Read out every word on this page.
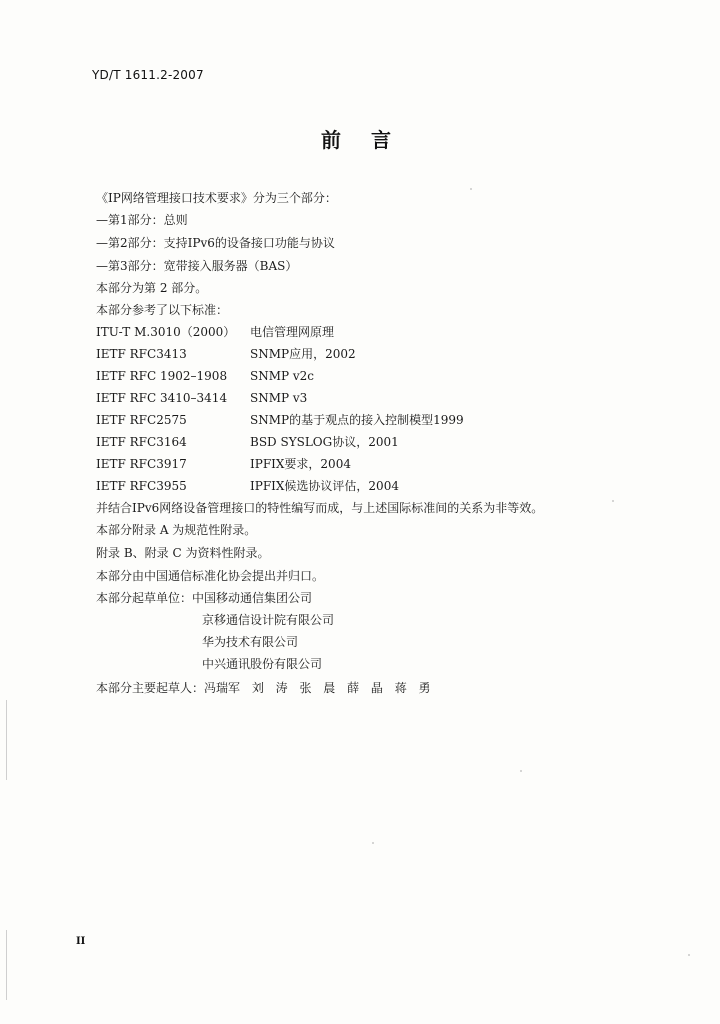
YD/T 1611.2-2007
前言
《IP网络管理接口技术要求》分为三个部分：
—第1部分：总则
—第2部分：支持IPv6的设备接口功能与协议
—第3部分：宽带接入服务器（BAS）
本部分为第 2 部分。
本部分参考了以下标准：
ITU-T M.3010（2000） 电信管理网原理
IETF RFC3413	SNMP应用，2002
IETF RFC 1902–1908 SNMP v2c
IETF RFC 3410–3414 SNMP v3
IETF RFC2575	SNMP的基于观点的接入控制模型1999
IETF RFC3164	BSD SYSLOG协议，2001
IETF RFC3917	IPFIX要求，2004
IETF RFC3955	IPFIX候选协议评估，2004
并结合IPv6网络设备管理接口的特性编写而成，与上述国际标准间的关系为非等效。
本部分附录 A 为规范性附录。
附录 B、附录 C 为资料性附录。
本部分由中国通信标准化协会提出并归口。
本部分起草单位：中国移动通信集团公司
京移通信设计院有限公司
华为技术有限公司
中兴通讯股份有限公司
本部分主要起草人：冯瑞军 刘 涛 张 晨 薛 晶 蒋 勇
II
